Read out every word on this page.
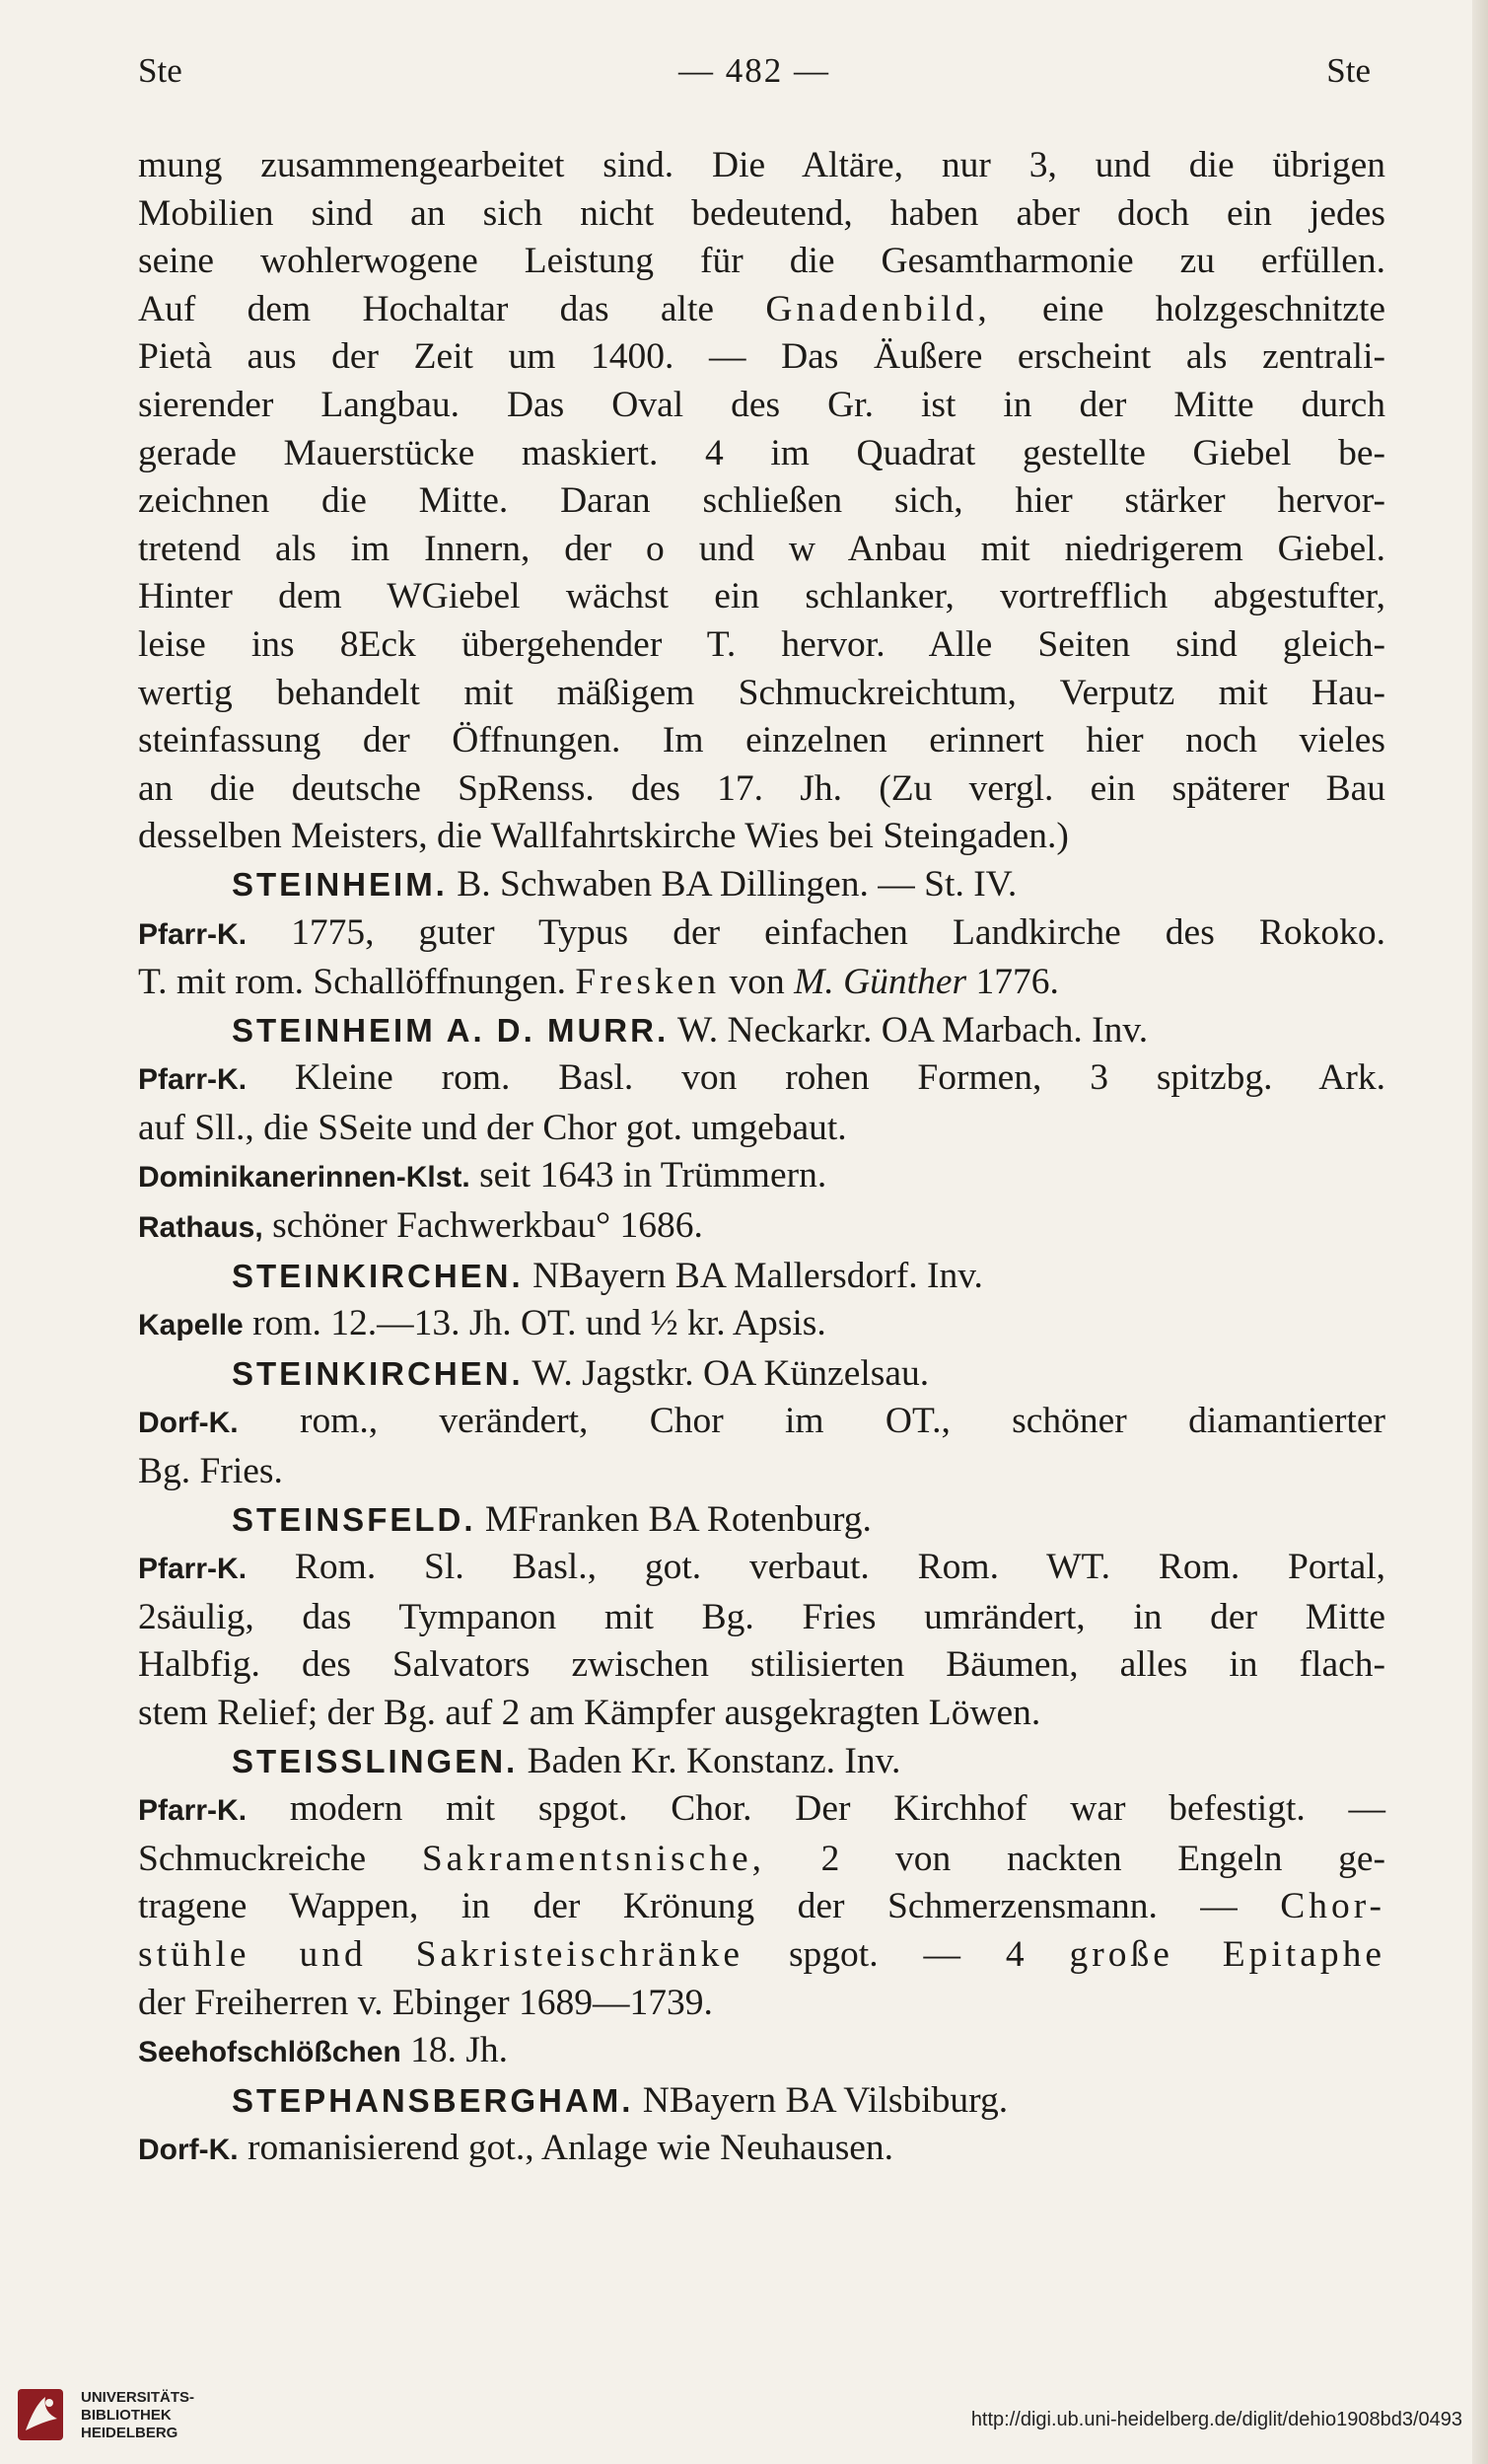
Ste	— 482 —	Ste

mung zusammengearbeitet sind. Die Altäre, nur 3, und die übrigen

Mobilien sind an sich nicht bedeutend, haben aber doch ein jedes

seine wohlerwogene Leistung für die Gesamtharmonie zu erfüllen.

Auf dem Hochaltar das alte Gnadenbild, eine holzgeschnitzte

Pietà aus der Zeit um 1400. — Das Äußere erscheint als zentrali-

sierender Langbau. Das Oval des Gr. ist in der Mitte durch

gerade Mauerstücke maskiert. 4 im Quadrat gestellte Giebel be-

zeichnen die Mitte. Daran schließen sich, hier stärker hervor-

tretend als im Innern, der o und w Anbau mit niedrigerem Giebel.

Hinter dem WGiebel wächst ein schlanker, vortrefflich abgestufter,

leise ins 8Eck übergehender T. hervor. Alle Seiten sind gleich-

wertig behandelt mit mäßigem Schmuckreichtum, Verputz mit Hau-

steinfassung der Öffnungen. Im einzelnen erinnert hier noch vieles

an die deutsche SpRenss. des 17. Jh. (Zu vergl. ein späterer Bau

desselben Meisters, die Wallfahrtskirche Wies bei Steingaden.)

STEINHEIM. B. Schwaben BA Dillingen. — St. IV.

Pfarr-K. 1775, guter Typus der einfachen Landkirche des Rokoko.

T. mit rom. Schallöffnungen. Fresken von M. Günther 1776.

STEINHEIM A. D. MURR. W. Neckarkr. OA Marbach. Inv.

Pfarr-K. Kleine rom. Basl. von rohen Formen, 3 spitzbg. Ark.

auf Sll., die SSeite und der Chor got. umgebaut.

Dominikanerinnen-Klst. seit 1643 in Trümmern.

Rathaus, schöner Fachwerkbau° 1686.

STEINKIRCHEN. NBayern BA Mallersdorf. Inv.

Kapelle rom. 12.—13. Jh. OT. und ½ kr. Apsis.

STEINKIRCHEN. W. Jagstkr. OA Künzelsau.

Dorf-K. rom., verändert, Chor im OT., schöner diamantierter

Bg. Fries.

STEINSFELD. MFranken BA Rotenburg.

Pfarr-K. Rom. Sl. Basl., got. verbaut. Rom. WT. Rom. Portal,

2säulig, das Tympanon mit Bg. Fries umrändert, in der Mitte

Halbfig. des Salvators zwischen stilisierten Bäumen, alles in flach-

stem Relief; der Bg. auf 2 am Kämpfer ausgekragten Löwen.

STEISSLINGEN. Baden Kr. Konstanz. Inv.

Pfarr-K. modern mit spgot. Chor. Der Kirchhof war befestigt. —

Schmuckreiche Sakramentsnische, 2 von nackten Engeln ge-

tragene Wappen, in der Krönung der Schmerzensmann. — Chor-

stühle und Sakristeischränke spgot. — 4 große Epitaphe

der Freiherren v. Ebinger 1689—1739.

Seehofschlößchen 18. Jh.

STEPHANSBERGHAM. NBayern BA Vilsbiburg.

Dorf-K. romanisierend got., Anlage wie Neuhausen.

UNIVERSITÄTS-
BIBLIOTHEK
HEIDELBERG
http://digi.ub.uni-heidelberg.de/diglit/dehio1908bd3/0493
